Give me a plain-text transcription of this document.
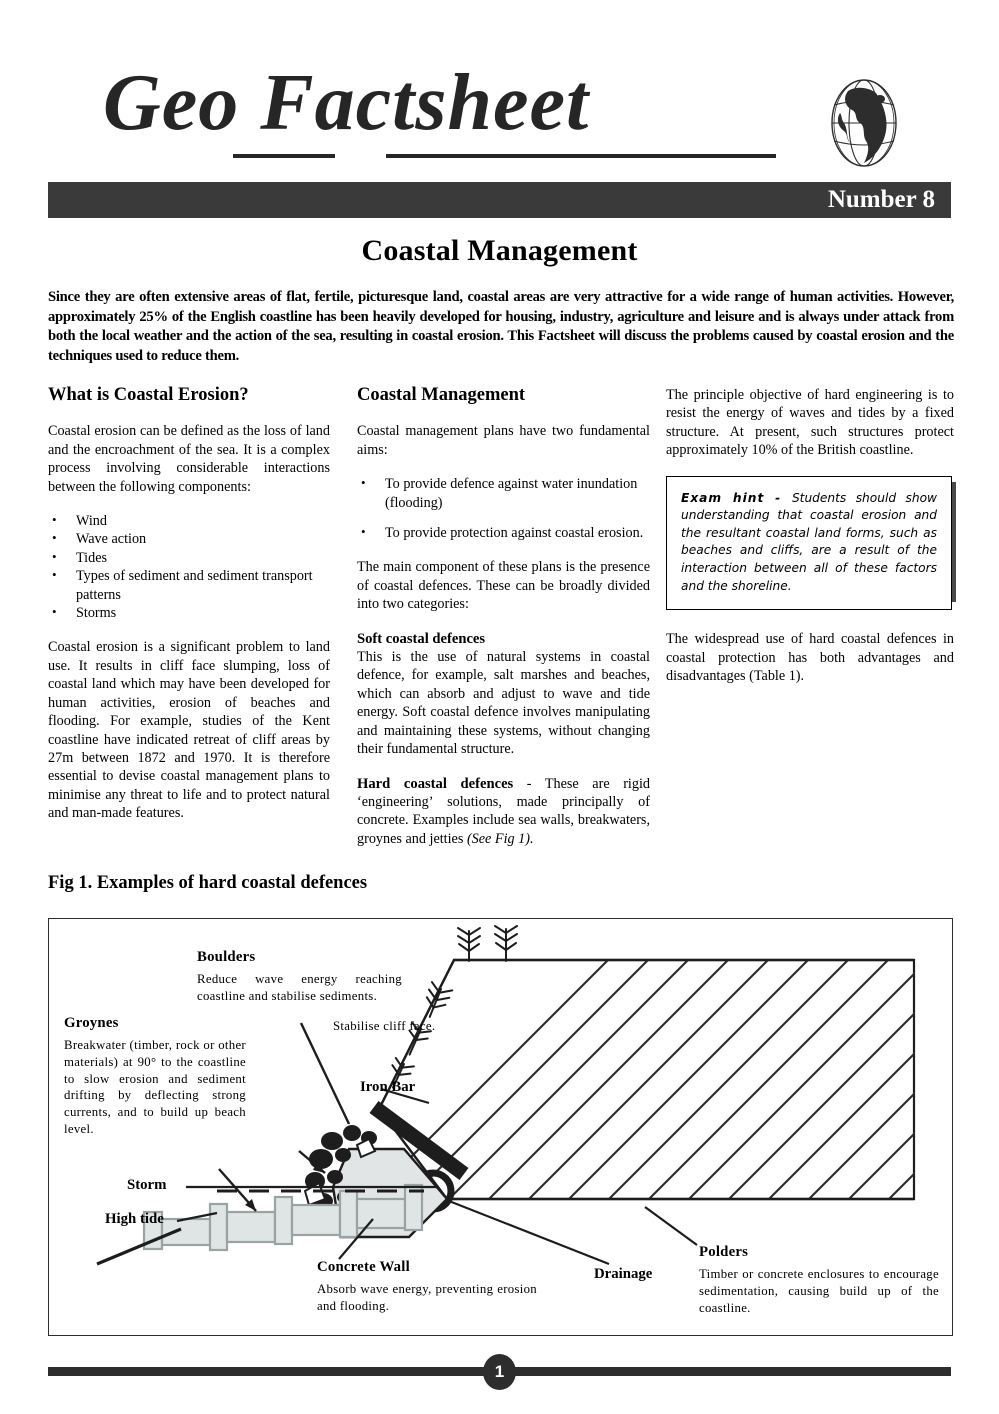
Geo Factsheet
Number 8
Coastal Management
Since they are often extensive areas of flat, fertile, picturesque land, coastal areas are very attractive for a wide range of human activities. However, approximately 25% of the English coastline has been heavily developed for housing, industry, agriculture and leisure and is always under attack from both the local weather and the action of the sea, resulting in coastal erosion. This Factsheet will discuss the problems caused by coastal erosion and the techniques used to reduce them.
What is Coastal Erosion?

Coastal erosion can be defined as the loss of land and the encroachment of the sea. It is a complex process involving considerable interactions between the following components:

• Wind
• Wave action
• Tides
• Types of sediment and sediment transport patterns
• Storms

Coastal erosion is a significant problem to land use. It results in cliff face slumping, loss of coastal land which may have been developed for human activities, erosion of beaches and flooding. For example, studies of the Kent coastline have indicated retreat of cliff areas by 27m between 1872 and 1970. It is therefore essential to devise coastal management plans to minimise any threat to life and to protect natural and man-made features.

Coastal Management

Coastal management plans have two fundamental aims:

• To provide defence against water inundation (flooding)
• To provide protection against coastal erosion.

The main component of these plans is the presence of coastal defences. These can be broadly divided into two categories:

Soft coastal defences
This is the use of natural systems in coastal defence, for example, salt marshes and beaches, which can absorb and adjust to wave and tide energy. Soft coastal defence involves manipulating and maintaining these systems, without changing their fundamental structure.

Hard coastal defences - These are rigid ‘engineering’ solutions, made principally of concrete. Examples include sea walls, breakwaters, groynes and jetties (See Fig 1).

The principle objective of hard engineering is to resist the energy of waves and tides by a fixed structure. At present, such structures protect approximately 10% of the British coastline.

Exam hint - Students should show understanding that coastal erosion and the resultant coastal land forms, such as beaches and cliffs, are a result of the interaction between all of these factors and the shoreline.

The widespread use of hard coastal defences in coastal protection has both advantages and disadvantages (Table 1).

Fig 1. Examples of hard coastal defences
Boulders
Reduce wave energy reaching coastline and stabilise sediments.
Groynes
Breakwater (timber, rock or other materials) at 90° to the coastline to slow erosion and sediment drifting by deflecting strong currents, and to build up beach level.
Stabilise cliff face.
Iron Bar
Storm
High tide
Concrete Wall
Absorb wave energy, preventing erosion and flooding.
Drainage
Polders
Timber or concrete enclosures to encourage sedimentation, causing build up of the coastline.
1
